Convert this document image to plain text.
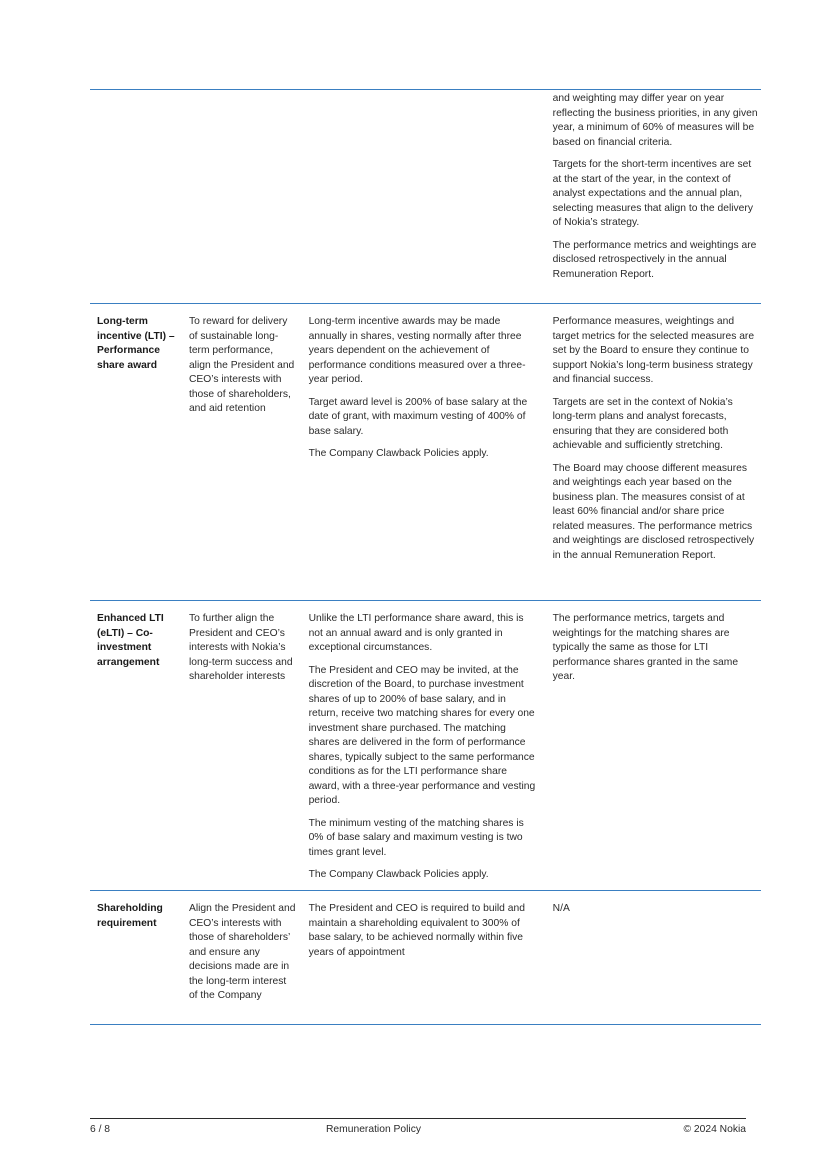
and weighting may differ year on year reflecting the business priorities, in any given year, a minimum of 60% of measures will be based on financial criteria.

Targets for the short-term incentives are set at the start of the year, in the context of analyst expectations and the annual plan, selecting measures that align to the delivery of Nokia’s strategy.

The performance metrics and weightings are disclosed retrospectively in the annual Remuneration Report.

Long-term incentive (LTI) – Performance share award
To reward for delivery of sustainable long-term performance, align the President and CEO’s interests with those of shareholders, and aid retention

Long-term incentive awards may be made annually in shares, vesting normally after three years dependent on the achievement of performance conditions measured over a three-year period.

Target award level is 200% of base salary at the date of grant, with maximum vesting of 400% of base salary.

The Company Clawback Policies apply.

Performance measures, weightings and target metrics for the selected measures are set by the Board to ensure they continue to support Nokia’s long-term business strategy and financial success.

Targets are set in the context of Nokia’s long-term plans and analyst forecasts, ensuring that they are considered both achievable and sufficiently stretching.

The Board may choose different measures and weightings each year based on the business plan. The measures consist of at least 60% financial and/or share price related measures. The performance metrics and weightings are disclosed retrospectively in the annual Remuneration Report.

Enhanced LTI (eLTI) – Co-investment arrangement
To further align the President and CEO’s interests with Nokia’s long-term success and shareholder interests

Unlike the LTI performance share award, this is not an annual award and is only granted in exceptional circumstances.

The President and CEO may be invited, at the discretion of the Board, to purchase investment shares of up to 200% of base salary, and in return, receive two matching shares for every one investment share purchased. The matching shares are delivered in the form of performance shares, typically subject to the same performance conditions as for the LTI performance share award, with a three-year performance and vesting period.

The minimum vesting of the matching shares is 0% of base salary and maximum vesting is two times grant level.

The Company Clawback Policies apply.

The performance metrics, targets and weightings for the matching shares are typically the same as those for LTI performance shares granted in the same year.

Shareholding requirement
Align the President and CEO’s interests with those of shareholders’ and ensure any decisions made are in the long-term interest of the Company

The President and CEO is required to build and maintain a shareholding equivalent to 300% of base salary, to be achieved normally within five years of appointment

N/A

6 / 8	Remuneration Policy	© 2024 Nokia
